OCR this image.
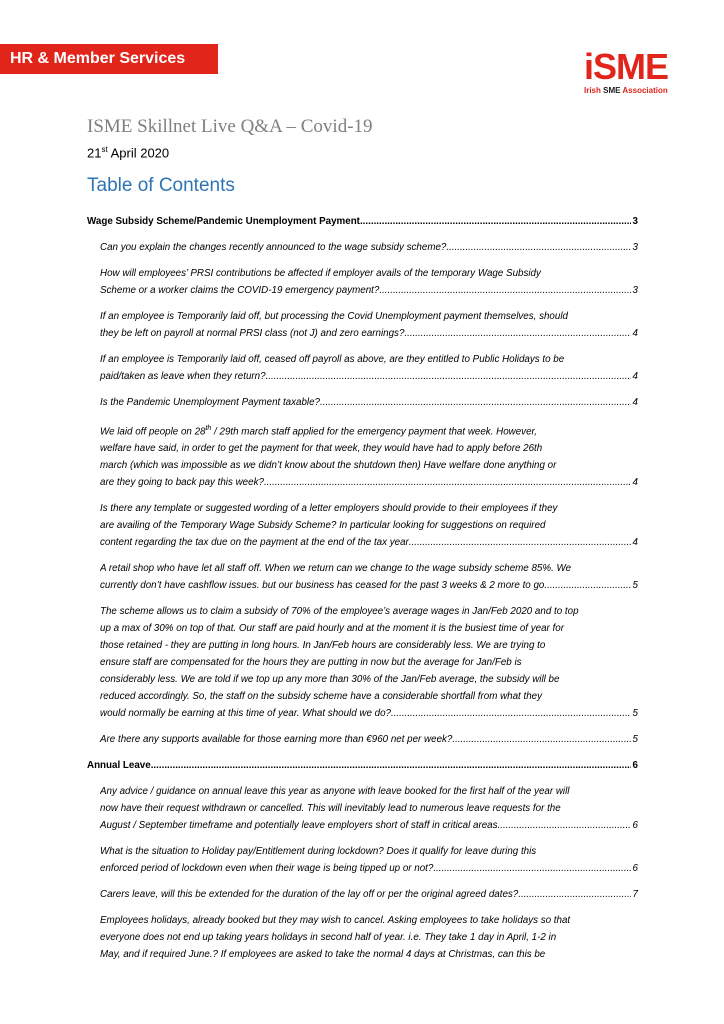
HR & Member Services	iSME
Irish SME Association
ISME Skillnet Live Q&A – Covid-19
21st April 2020
Table of Contents
Wage Subsidy Scheme/Pandemic Unemployment Payment .....	3
Can you explain the changes recently announced to the wage subsidy scheme? .....	3
How will employees’ PRSI contributions be affected if employer avails of the temporary Wage Subsidy
Scheme or a worker claims the COVID-19 emergency payment? .....	3
If an employee is Temporarily laid off, but processing the Covid Unemployment payment themselves, should
they be left on payroll at normal PRSI class (not J) and zero earnings? .....	4
If an employee is Temporarily laid off, ceased off payroll as above, are they entitled to Public Holidays to be
paid/taken as leave when they return? .....	4
Is the Pandemic Unemployment Payment taxable? .....	4
We laid off people on 28th / 29th march staff applied for the emergency payment that week. However,
welfare have said, in order to get the payment for that week, they would have had to apply before 26th
march (which was impossible as we didn’t know about the shutdown then) Have welfare done anything or
are they going to back pay this week? .....	4
Is there any template or suggested wording of a letter employers should provide to their employees if they
are availing of the Temporary Wage Subsidy Scheme? In particular looking for suggestions on required
content regarding the tax due on the payment at the end of the tax year .....	4
A retail shop who have let all staff off. When we return can we change to the wage subsidy scheme 85%. We
currently don’t have cashflow issues. but our business has ceased for the past 3 weeks & 2 more to go. .....	5
The scheme allows us to claim a subsidy of 70% of the employee’s average wages in Jan/Feb 2020 and to top
up a max of 30% on top of that. Our staff are paid hourly and at the moment it is the busiest time of year for
those retained - they are putting in long hours. In Jan/Feb hours are considerably less. We are trying to
ensure staff are compensated for the hours they are putting in now but the average for Jan/Feb is
considerably less. We are told if we top up any more than 30% of the Jan/Feb average, the subsidy will be
reduced accordingly. So, the staff on the subsidy scheme have a considerable shortfall from what they
would normally be earning at this time of year. What should we do? .....	5
Are there any supports available for those earning more than €960 net per week? .....	5
Annual Leave .....	6
Any advice / guidance on annual leave this year as anyone with leave booked for the first half of the year will
now have their request withdrawn or cancelled. This will inevitably lead to numerous leave requests for the
August / September timeframe and potentially leave employers short of staff in critical areas. .....	6
What is the situation to Holiday pay/Entitlement during lockdown? Does it qualify for leave during this
enforced period of lockdown even when their wage is being tipped up or not? .....	6
Carers leave, will this be extended for the duration of the lay off or per the original agreed dates? .....	7
Employees holidays, already booked but they may wish to cancel. Asking employees to take holidays so that
everyone does not end up taking years holidays in second half of year. i.e. They take 1 day in April, 1-2 in
May, and if required June.? If employees are asked to take the normal 4 days at Christmas, can this be
